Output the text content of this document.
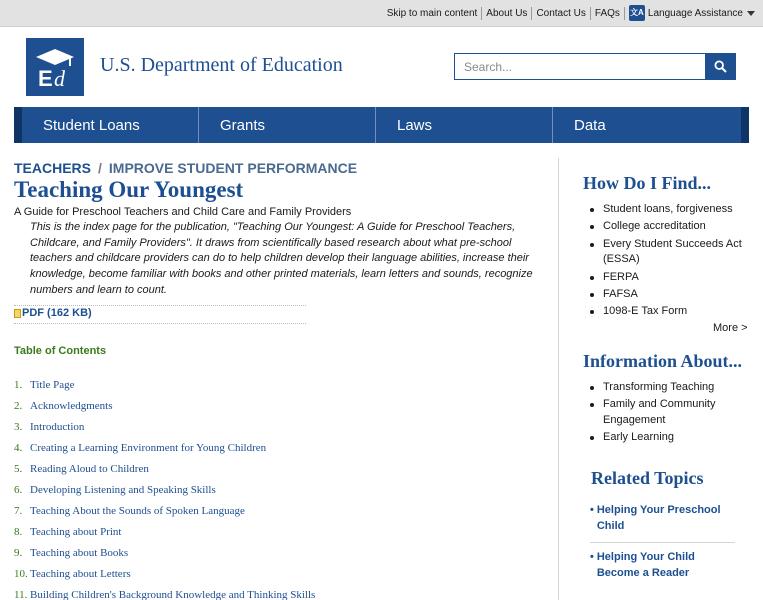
Skip to main content About Us Contact Us FAQs	文A Language Assistance
E d
U.S. Department of Education
Search...
Student Loans	Grants	Laws	Data
TEACHERS / IMPROVE STUDENT PERFORMANCE
Teaching Our Youngest
A Guide for Preschool Teachers and Child Care and Family Providers

This is the index page for the publication, "Teaching Our Youngest: A Guide for Preschool Teachers, Childcare, and Family Providers". It draws from scientifically based research about what pre-school teachers and childcare providers can do to help children develop their language abilities, increase their knowledge, become familiar with books and other printed materials, learn letters and sounds, recognize numbers and learn to count.

PDF (162 KB)
Table of Contents
1. Title Page
2. Acknowledgments
3. Introduction
4. Creating a Learning Environment for Young Children
5. Reading Aloud to Children
6. Developing Listening and Speaking Skills
7. Teaching About the Sounds of Spoken Language
8. Teaching about Print
9. Teaching about Books
10. Teaching about Letters
11. Building Children's Background Knowledge and Thinking Skills
How Do I Find...
Student loans, forgiveness
College accreditation
Every Student Succeeds Act (ESSA)
FERPA
FAFSA
1098-E Tax Form
More >
Information About...
Transforming Teaching
Family and Community Engagement
Early Learning
Related Topics
• Helping Your Preschool Child
• Helping Your Child Become a Reader
